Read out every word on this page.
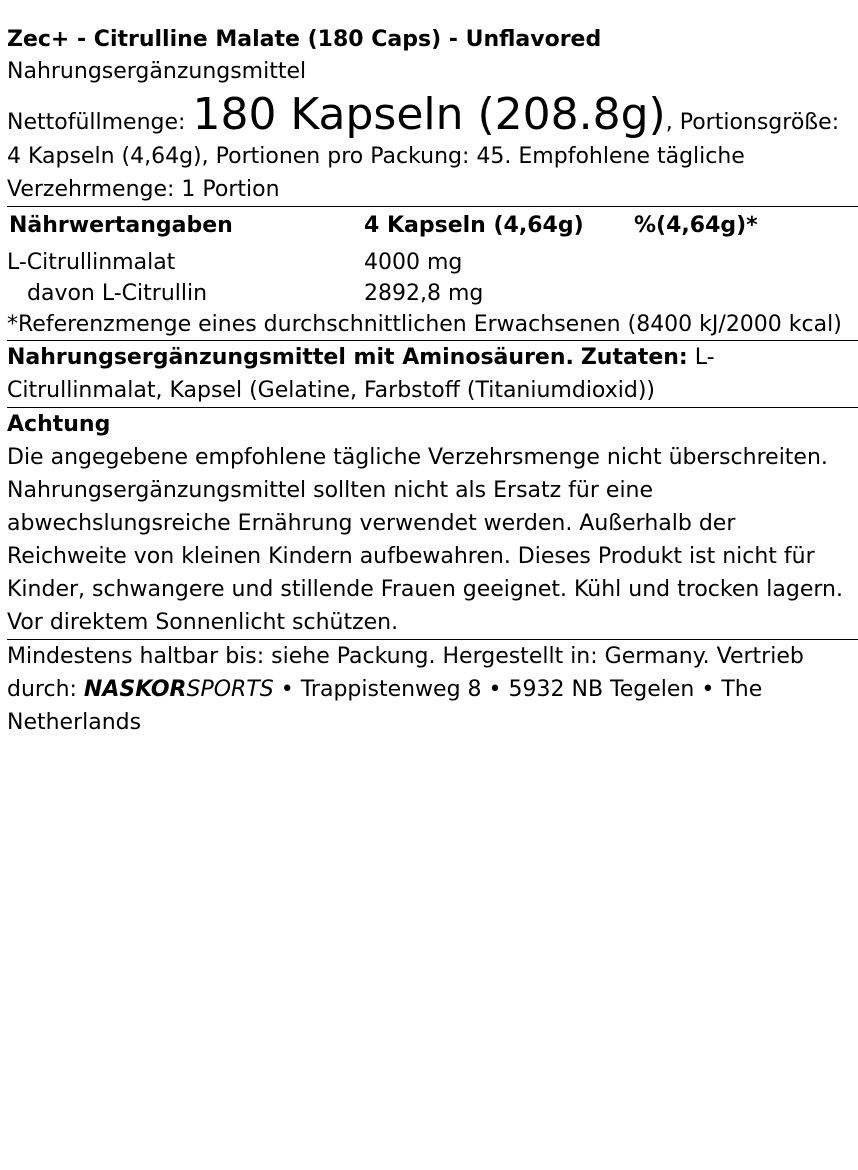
Zec+ - Citrulline Malate (180 Caps) - Unflavored
Nahrungsergänzungsmittel
Nettofüllmenge: 180 Kapseln (208.8g), Portionsgröße: 4 Kapseln (4,64g), Portionen pro Packung: 45. Empfohlene tägliche Verzehrmenge: 1 Portion
Nährwertangaben	4 Kapseln (4,64g)	%(4,64g)*
L-Citrullinmalat	4000 mg	
davon L-Citrullin	2892,8 mg	
*Referenzmenge eines durchschnittlichen Erwachsenen (8400 kJ/2000 kcal)
Nahrungsergänzungsmittel mit Aminosäuren. Zutaten: L-Citrullinmalat, Kapsel (Gelatine, Farbstoff (Titaniumdioxid))
Achtung
Die angegebene empfohlene tägliche Verzehrsmenge nicht überschreiten. Nahrungsergänzungsmittel sollten nicht als Ersatz für eine abwechslungsreiche Ernährung verwendet werden. Außerhalb der Reichweite von kleinen Kindern aufbewahren. Dieses Produkt ist nicht für Kinder, schwangere und stillende Frauen geeignet. Kühl und trocken lagern. Vor direktem Sonnenlicht schützen.
Mindestens haltbar bis: siehe Packung. Hergestellt in: Germany. Vertrieb durch: NASKORSPORTS • Trappistenweg 8 • 5932 NB Tegelen • The Netherlands
